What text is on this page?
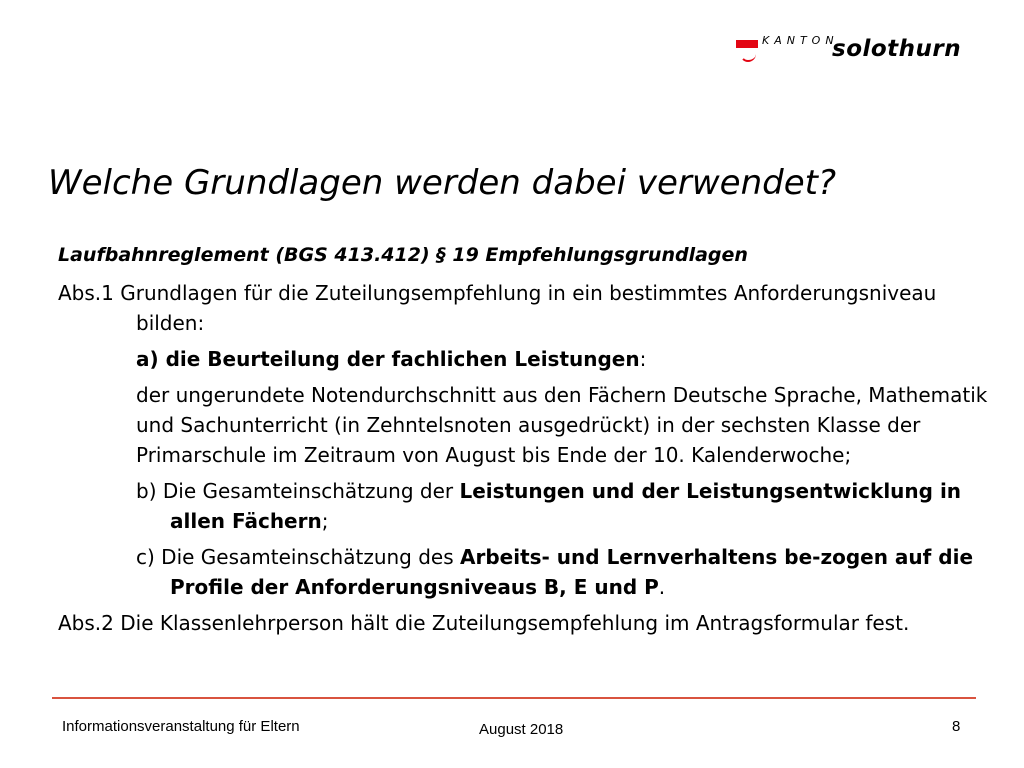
KANTON
solothurn
Welche Grundlagen werden dabei verwendet?
Laufbahnreglement (BGS 413.412) § 19 Empfehlungsgrundlagen
Abs.1 Grundlagen für die Zuteilungsempfehlung in ein bestimmtes Anforderungsniveau bilden:
a) die Beurteilung der fachlichen Leistungen:
der ungerundete Notendurchschnitt aus den Fächern Deutsche Sprache, Mathematik und Sachunterricht (in Zehntelsnoten ausgedrückt) in der sechsten Klasse der Primarschule im Zeitraum von August bis Ende der 10. Kalenderwoche;
b) Die Gesamteinschätzung der Leistungen und der Leistungsentwicklung in allen Fächern;
c) Die Gesamteinschätzung des Arbeits- und Lernverhaltens be-zogen auf die Profile der Anforderungsniveaus B, E und P.
Abs.2 Die Klassenlehrperson hält die Zuteilungsempfehlung im Antragsformular fest.
Informationsveranstaltung für Eltern	August 2018	8
